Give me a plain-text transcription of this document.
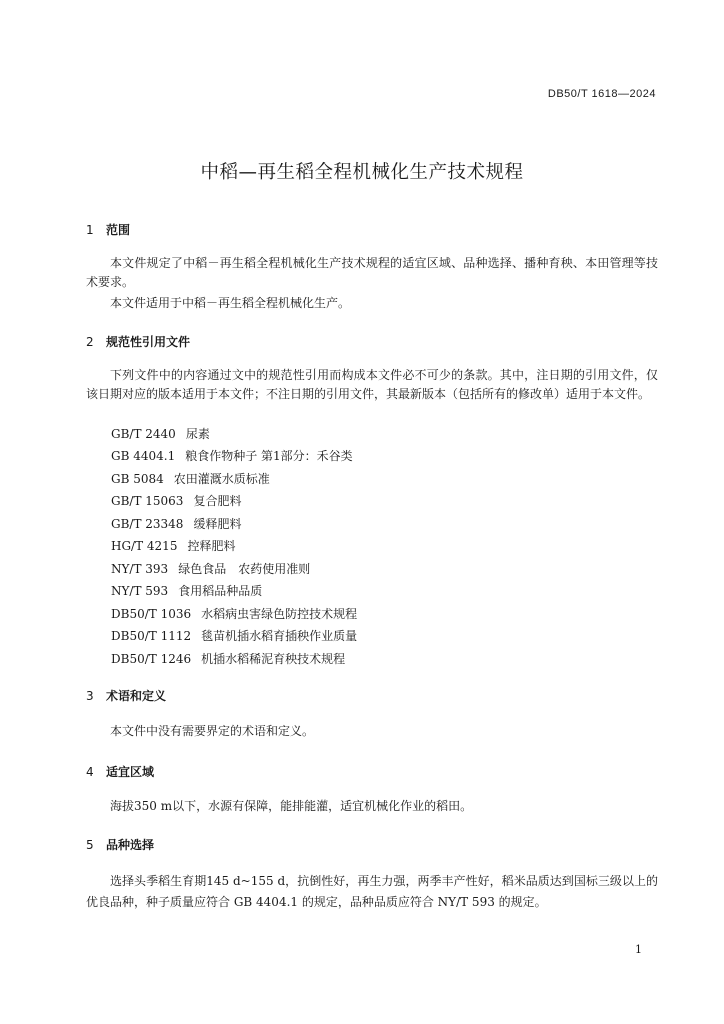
DB50/T 1618—2024
中稻—再生稻全程机械化生产技术规程
1 范围
本文件规定了中稻－再生稻全程机械化生产技术规程的适宜区域、品种选择、播种育秧、本田管理等技术要求。
本文件适用于中稻－再生稻全程机械化生产。
2 规范性引用文件
下列文件中的内容通过文中的规范性引用而构成本文件必不可少的条款。其中，注日期的引用文件，仅该日期对应的版本适用于本文件；不注日期的引用文件，其最新版本（包括所有的修改单）适用于本文件。
GB/T 2440 尿素
GB 4404.1 粮食作物种子 第1部分：禾谷类
GB 5084 农田灌溉水质标准
GB/T 15063 复合肥料
GB/T 23348 缓释肥料
HG/T 4215 控释肥料
NY/T 393 绿色食品　农药使用准则
NY/T 593 食用稻品种品质
DB50/T 1036 水稻病虫害绿色防控技术规程
DB50/T 1112 毯苗机插水稻育插秧作业质量
DB50/T 1246 机插水稻稀泥育秧技术规程
3 术语和定义
本文件中没有需要界定的术语和定义。
4 适宜区域
海拔350 m以下，水源有保障，能排能灌，适宜机械化作业的稻田。
5 品种选择
选择头季稻生育期145 d~155 d，抗倒性好，再生力强，两季丰产性好，稻米品质达到国标三级以上的优良品种，种子质量应符合 GB 4404.1 的规定，品种品质应符合 NY/T 593 的规定。
1
